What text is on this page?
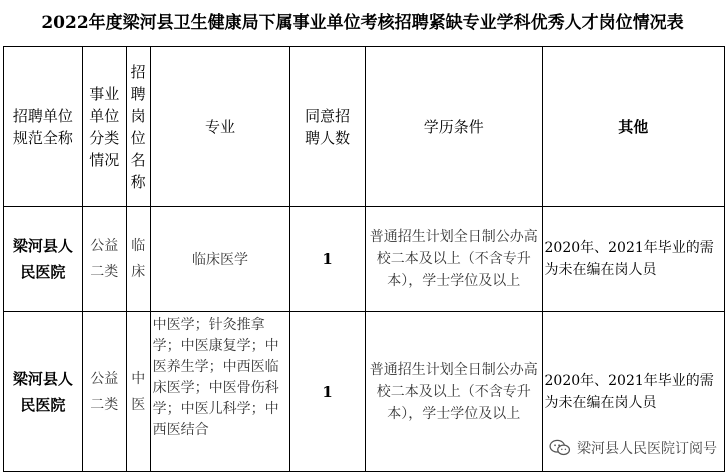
2022年度梁河县卫生健康局下属事业单位考核招聘紧缺专业学科优秀人才岗位情况表
招聘单位规范全称	事业单位分类情况	招聘岗位名称	专业	同意招聘人数	学历条件	其他
梁河县人民医院	公益二类	临床	临床医学	1	普通招生计划全日制公办高校二本及以上（不含专升本），学士学位及以上	2020年、2021年毕业的需为未在编在岗人员
梁河县人民医院	公益二类	中医	中医学；针灸推拿学；中医康复学；中医养生学；中西医临床医学；中医骨伤科学；中医儿科学；中西医结合	1	普通招生计划全日制公办高校二本及以上（不含专升本），学士学位及以上	2020年、2021年毕业的需为未在编在岗人员
梁河县人民医院订阅号
